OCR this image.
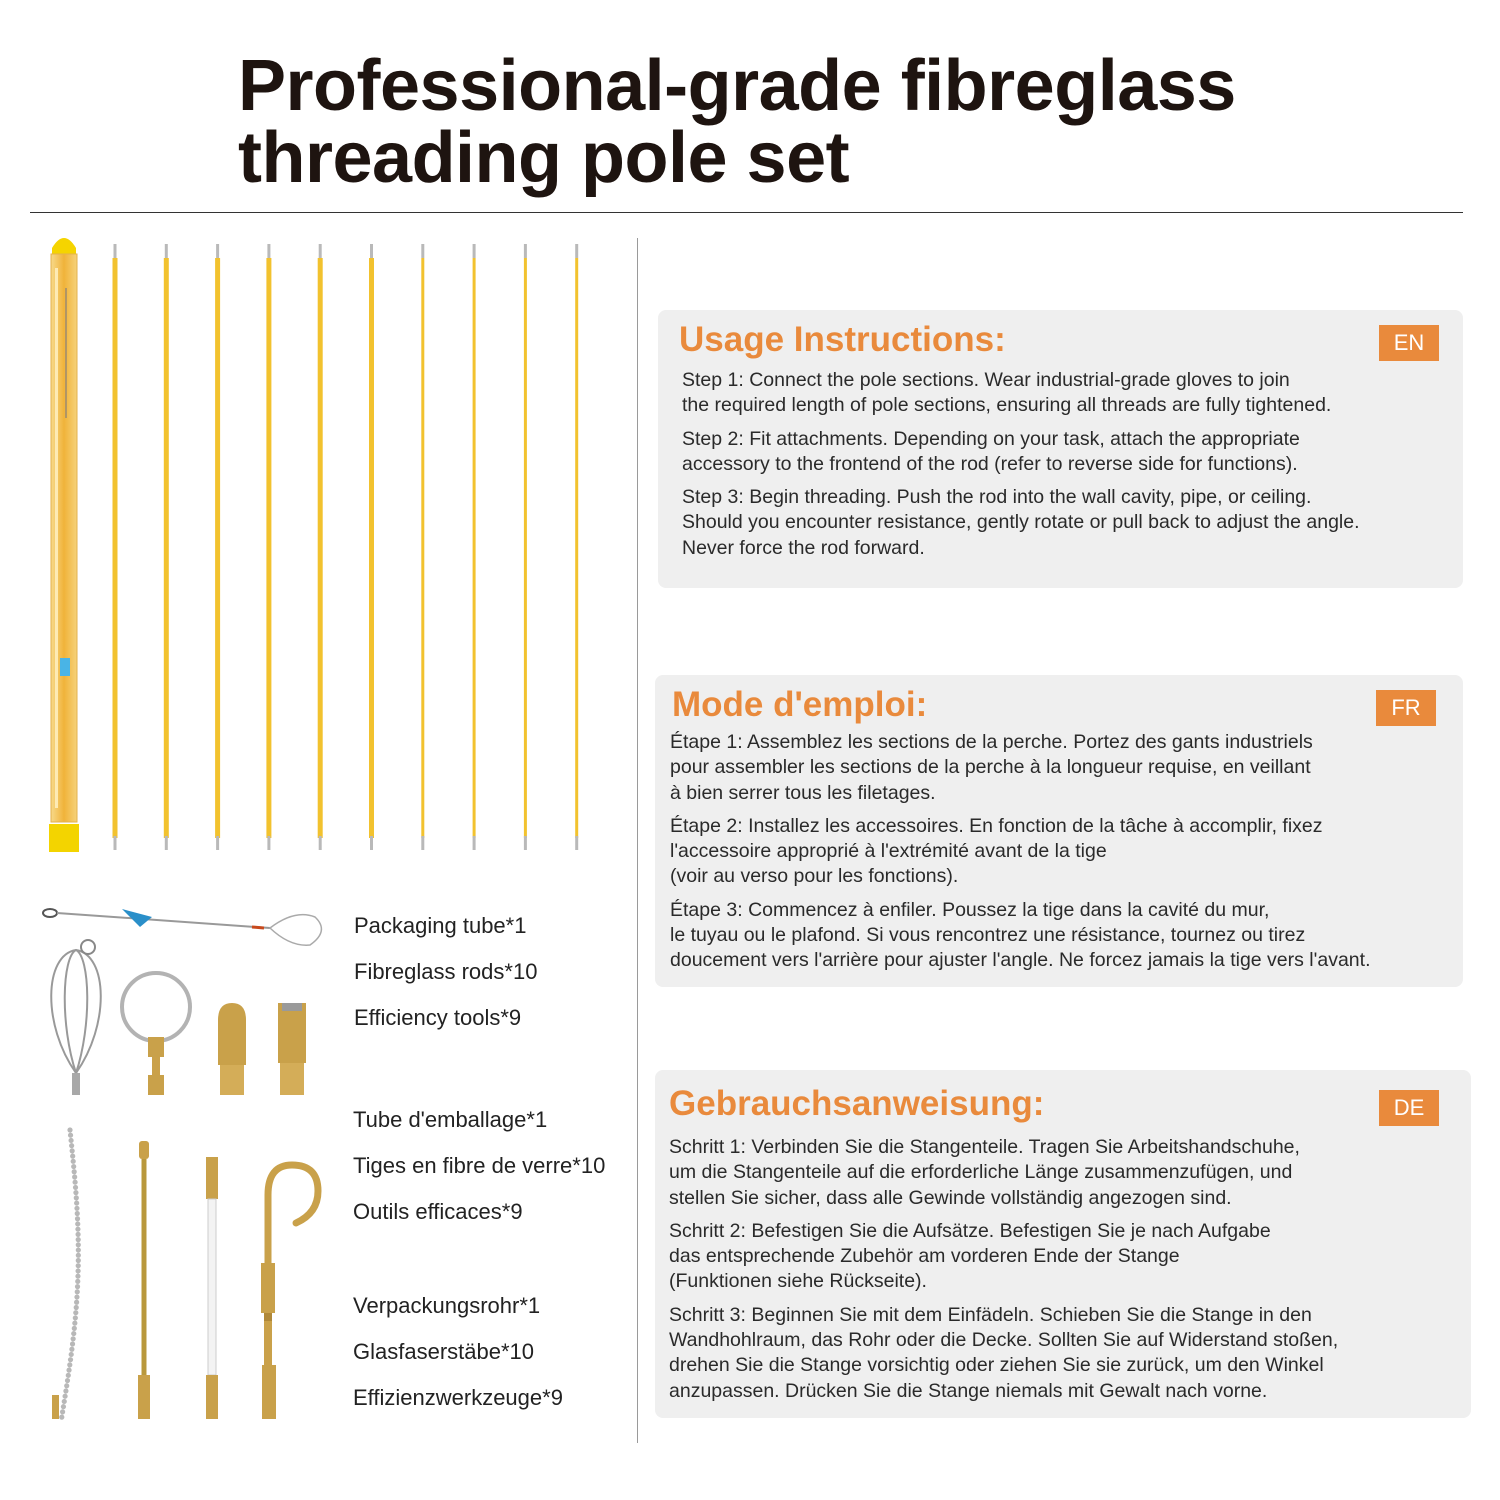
Professional-grade fibreglass
threading pole set
Packaging tube*1
Fibreglass rods*10
Efficiency tools*9
Tube d'emballage*1
Tiges en fibre de verre*10
Outils efficaces*9
Verpackungsrohr*1
Glasfaserstäbe*10
Effizienzwerkzeuge*9
Usage Instructions:	EN
Step 1: Connect the pole sections. Wear industrial-grade gloves to join
the required length of pole sections, ensuring all threads are fully tightened.
Step 2: Fit attachments. Depending on your task, attach the appropriate
accessory to the frontend of the rod (refer to reverse side for functions).
Step 3: Begin threading. Push the rod into the wall cavity, pipe, or ceiling.
Should you encounter resistance, gently rotate or pull back to adjust the angle.
Never force the rod forward.
Mode d'emploi:	FR
Étape 1: Assemblez les sections de la perche. Portez des gants industriels
pour assembler les sections de la perche à la longueur requise, en veillant
à bien serrer tous les filetages.
Étape 2: Installez les accessoires. En fonction de la tâche à accomplir, fixez
l'accessoire approprié à l'extrémité avant de la tige
(voir au verso pour les fonctions).
Étape 3: Commencez à enfiler. Poussez la tige dans la cavité du mur,
le tuyau ou le plafond. Si vous rencontrez une résistance, tournez ou tirez
doucement vers l'arrière pour ajuster l'angle. Ne forcez jamais la tige vers l'avant.
Gebrauchsanweisung:	DE
Schritt 1: Verbinden Sie die Stangenteile. Tragen Sie Arbeitshandschuhe,
um die Stangenteile auf die erforderliche Länge zusammenzufügen, und
stellen Sie sicher, dass alle Gewinde vollständig angezogen sind.
Schritt 2: Befestigen Sie die Aufsätze. Befestigen Sie je nach Aufgabe
das entsprechende Zubehör am vorderen Ende der Stange
(Funktionen siehe Rückseite).
Schritt 3: Beginnen Sie mit dem Einfädeln. Schieben Sie die Stange in den
Wandhohlraum, das Rohr oder die Decke. Sollten Sie auf Widerstand stoßen,
drehen Sie die Stange vorsichtig oder ziehen Sie sie zurück, um den Winkel
anzupassen. Drücken Sie die Stange niemals mit Gewalt nach vorne.
